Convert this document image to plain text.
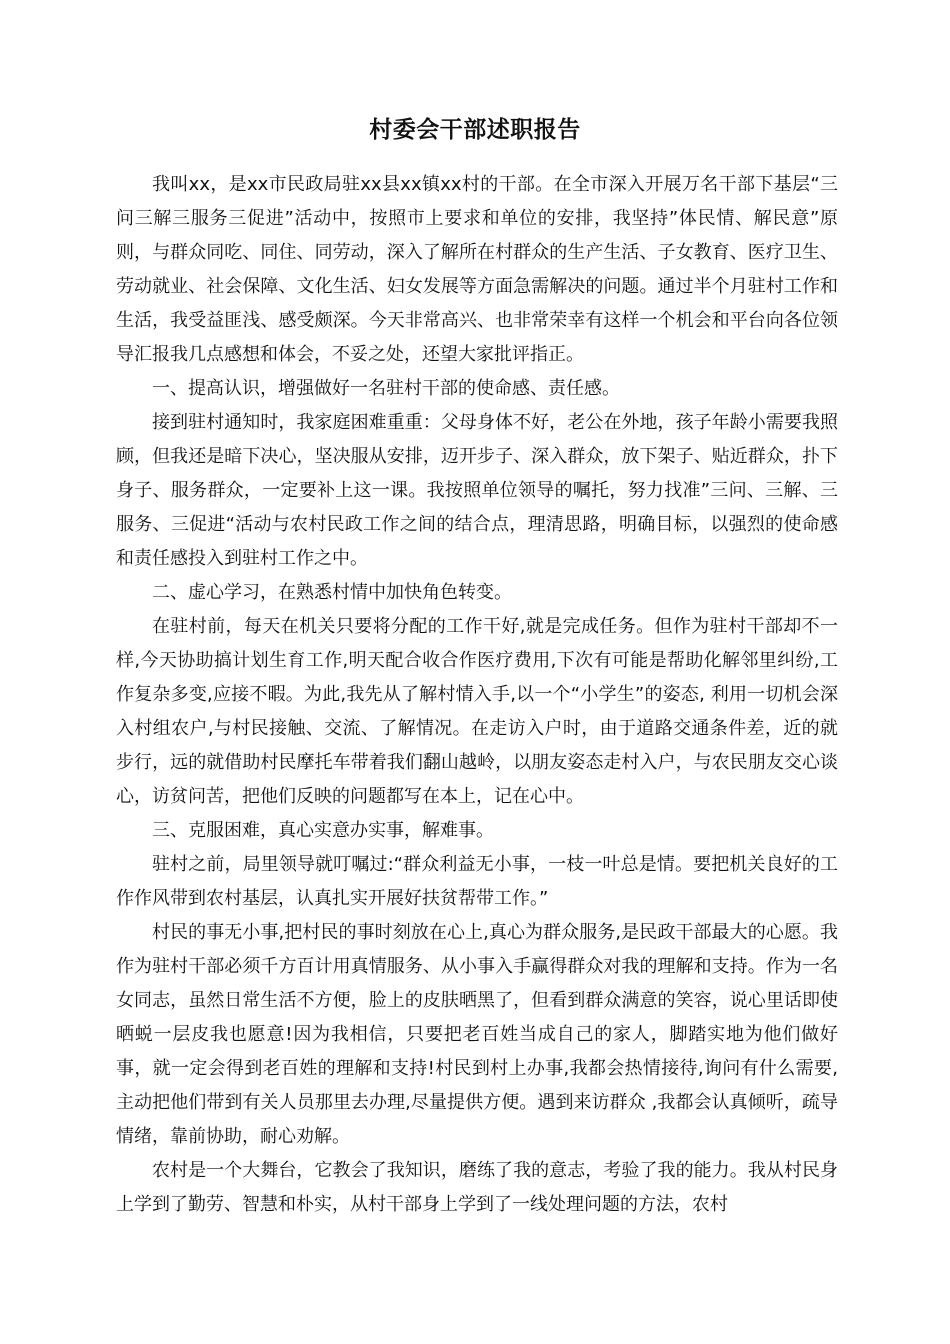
村委会干部述职报告

我叫xx，是xx市民政局驻xx县xx镇xx村的干部。在全市深入开展万名干部下基层“三问三解三服务三促进”活动中，按照市上要求和单位的安排，我坚持”体民情、解民意”原则，与群众同吃、同住、同劳动，深入了解所在村群众的生产生活、子女教育、医疗卫生、劳动就业、社会保障、文化生活、妇女发展等方面急需解决的问题。通过半个月驻村工作和生活，我受益匪浅、感受颇深。今天非常高兴、也非常荣幸有这样一个机会和平台向各位领导汇报我几点感想和体会，不妥之处，还望大家批评指正。

一、提高认识，增强做好一名驻村干部的使命感、责任感。

接到驻村通知时，我家庭困难重重：父母身体不好，老公在外地，孩子年龄小需要我照顾，但我还是暗下决心，坚决服从安排，迈开步子、深入群众，放下架子、贴近群众，扑下身子、服务群众，一定要补上这一课。我按照单位领导的嘱托，努力找准”三问、三解、三服务、三促进“活动与农村民政工作之间的结合点，理清思路，明确目标，以强烈的使命感和责任感投入到驻村工作之中。

二、虚心学习，在熟悉村情中加快角色转变。

在驻村前，每天在机关只要将分配的工作干好,就是完成任务。但作为驻村干部却不一样,今天协助搞计划生育工作,明天配合收合作医疗费用,下次有可能是帮助化解邻里纠纷,工作复杂多变,应接不暇。为此,我先从了解村情入手,以一个“小学生”的姿态, 利用一切机会深入村组农户,与村民接触、交流、了解情况。在走访入户时，由于道路交通条件差，近的就步行，远的就借助村民摩托车带着我们翻山越岭，以朋友姿态走村入户，与农民朋友交心谈心，访贫问苦，把他们反映的问题都写在本上，记在心中。

三、克服困难，真心实意办实事，解难事。

驻村之前，局里领导就叮嘱过:“群众利益无小事，一枝一叶总是情。要把机关良好的工作作风带到农村基层，认真扎实开展好扶贫帮带工作。”

村民的事无小事,把村民的事时刻放在心上,真心为群众服务,是民政干部最大的心愿。我作为驻村干部必须千方百计用真情服务、从小事入手赢得群众对我的理解和支持。作为一名女同志，虽然日常生活不方便，脸上的皮肤晒黑了，但看到群众满意的笑容，说心里话即使晒蜕一层皮我也愿意!因为我相信，只要把老百姓当成自己的家人，脚踏实地为他们做好事，就一定会得到老百姓的理解和支持!村民到村上办事,我都会热情接待,询问有什么需要,主动把他们带到有关人员那里去办理,尽量提供方便。遇到来访群众 ,我都会认真倾听，疏导情绪，靠前协助，耐心劝解。

农村是一个大舞台，它教会了我知识，磨练了我的意志，考验了我的能力。我从村民身上学到了勤劳、智慧和朴实，从村干部身上学到了一线处理问题的方法，农村
